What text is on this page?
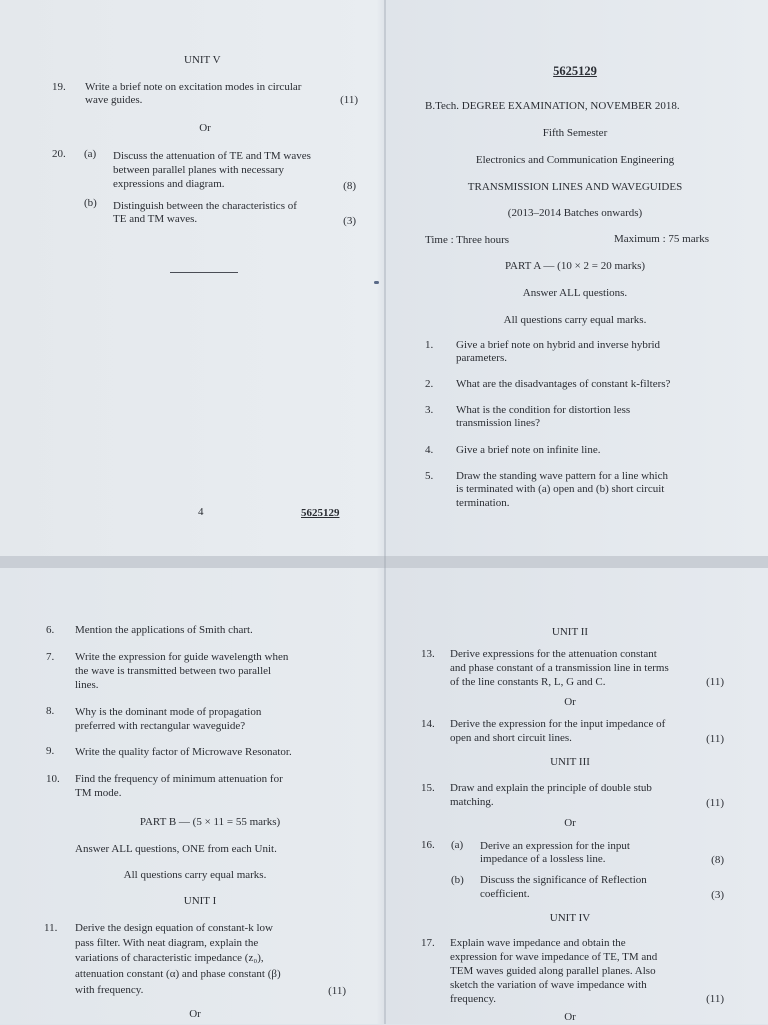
UNIT V
19. Write a brief note on excitation modes in circular
wave guides.	(11)
Or
20. (a) Discuss the attenuation of TE and TM waves
between parallel planes with necessary
expressions and diagram.	(8)
(b) Distinguish between the characteristics of
TE and TM waves.	(3)
4	5625129
5625129
B.Tech. DEGREE EXAMINATION, NOVEMBER 2018.
Fifth Semester
Electronics and Communication Engineering
TRANSMISSION LINES AND WAVEGUIDES
(2013–2014 Batches onwards)
Time : Three hours	Maximum : 75 marks
PART A — (10 × 2 = 20 marks)
Answer ALL questions.
All questions carry equal marks.
1. Give a brief note on hybrid and inverse hybrid
parameters.
2. What are the disadvantages of constant k-filters?
3. What is the condition for distortion less
transmission lines?
4. Give a brief note on infinite line.
5. Draw the standing wave pattern for a line which
is terminated with (a) open and (b) short circuit
termination.
6. Mention the applications of Smith chart.
7. Write the expression for guide wavelength when
the wave is transmitted between two parallel
lines.
8. Why is the dominant mode of propagation
preferred with rectangular waveguide?
9. Write the quality factor of Microwave Resonator.
10. Find the frequency of minimum attenuation for
TM mode.
PART B — (5 × 11 = 55 marks)
Answer ALL questions, ONE from each Unit.
All questions carry equal marks.
UNIT I
11. Derive the design equation of constant-k low
pass filter. With neat diagram, explain the
variations of characteristic impedance (z₀),
attenuation constant (α) and phase constant (β)
with frequency.	(11)
Or
UNIT II
13. Derive expressions for the attenuation constant
and phase constant of a transmission line in terms
of the line constants R, L, G and C.	(11)
Or
14. Derive the expression for the input impedance of
open and short circuit lines.	(11)
UNIT III
15. Draw and explain the principle of double stub
matching.	(11)
Or
16. (a) Derive an expression for the input
impedance of a lossless line.	(8)
(b) Discuss the significance of Reflection
coefficient.	(3)
UNIT IV
17. Explain wave impedance and obtain the
expression for wave impedance of TE, TM and
TEM waves guided along parallel planes. Also
sketch the variation of wave impedance with
frequency.	(11)
Or
